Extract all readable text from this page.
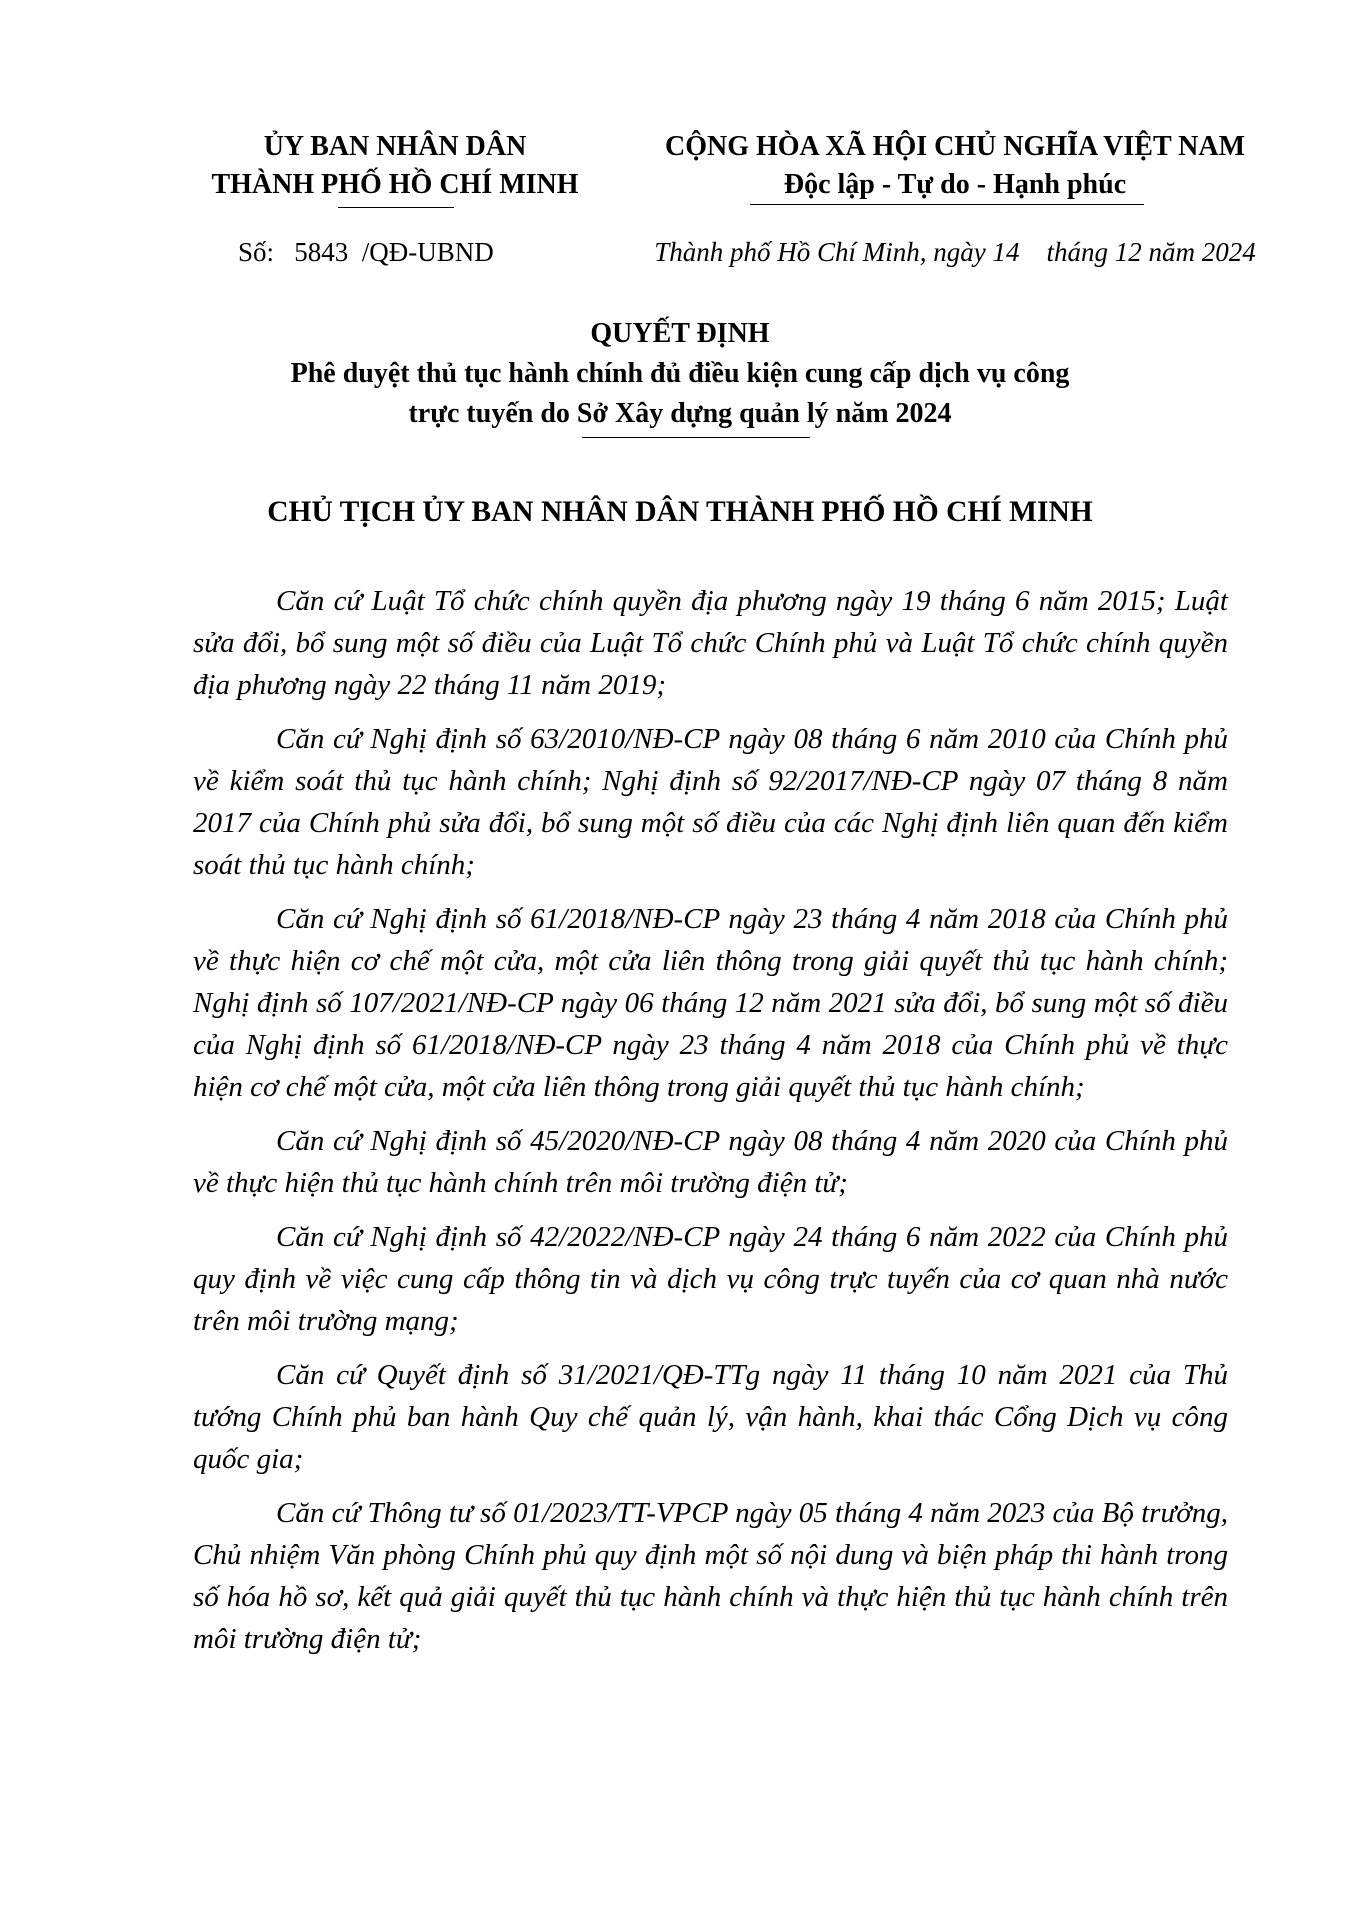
ỦY BAN NHÂN DÂN
THÀNH PHỐ HỒ CHÍ MINH
CỘNG HÒA XÃ HỘI CHỦ NGHĨA VIỆT NAM
Độc lập - Tự do - Hạnh phúc
Số:   5843  /QĐ-UBND	Thành phố Hồ Chí Minh, ngày 14    tháng 12 năm 2024
QUYẾT ĐỊNH
Phê duyệt thủ tục hành chính đủ điều kiện cung cấp dịch vụ công
trực tuyến do Sở Xây dựng quản lý năm 2024
CHỦ TỊCH ỦY BAN NHÂN DÂN THÀNH PHỐ HỒ CHÍ MINH

Căn cứ Luật Tổ chức chính quyền địa phương ngày 19 tháng 6 năm 2015; Luật sửa đổi, bổ sung một số điều của Luật Tổ chức Chính phủ và Luật Tổ chức chính quyền địa phương ngày 22 tháng 11 năm 2019;

Căn cứ Nghị định số 63/2010/NĐ-CP ngày 08 tháng 6 năm 2010 của Chính phủ về kiểm soát thủ tục hành chính; Nghị định số 92/2017/NĐ-CP ngày 07 tháng 8 năm 2017 của Chính phủ sửa đổi, bổ sung một số điều của các Nghị định liên quan đến kiểm soát thủ tục hành chính;

Căn cứ Nghị định số 61/2018/NĐ-CP ngày 23 tháng 4 năm 2018 của Chính phủ về thực hiện cơ chế một cửa, một cửa liên thông trong giải quyết thủ tục hành chính; Nghị định số 107/2021/NĐ-CP ngày 06 tháng 12 năm 2021 sửa đổi, bổ sung một số điều của Nghị định số 61/2018/NĐ-CP ngày 23 tháng 4 năm 2018 của Chính phủ về thực hiện cơ chế một cửa, một cửa liên thông trong giải quyết thủ tục hành chính;

Căn cứ Nghị định số 45/2020/NĐ-CP ngày 08 tháng 4 năm 2020 của Chính phủ về thực hiện thủ tục hành chính trên môi trường điện tử;

Căn cứ Nghị định số 42/2022/NĐ-CP ngày 24 tháng 6 năm 2022 của Chính phủ quy định về việc cung cấp thông tin và dịch vụ công trực tuyến của cơ quan nhà nước trên môi trường mạng;

Căn cứ Quyết định số 31/2021/QĐ-TTg ngày 11 tháng 10 năm 2021 của Thủ tướng Chính phủ ban hành Quy chế quản lý, vận hành, khai thác Cổng Dịch vụ công quốc gia;

Căn cứ Thông tư số 01/2023/TT-VPCP ngày 05 tháng 4 năm 2023 của Bộ trưởng, Chủ nhiệm Văn phòng Chính phủ quy định một số nội dung và biện pháp thi hành trong số hóa hồ sơ, kết quả giải quyết thủ tục hành chính và thực hiện thủ tục hành chính trên môi trường điện tử;
